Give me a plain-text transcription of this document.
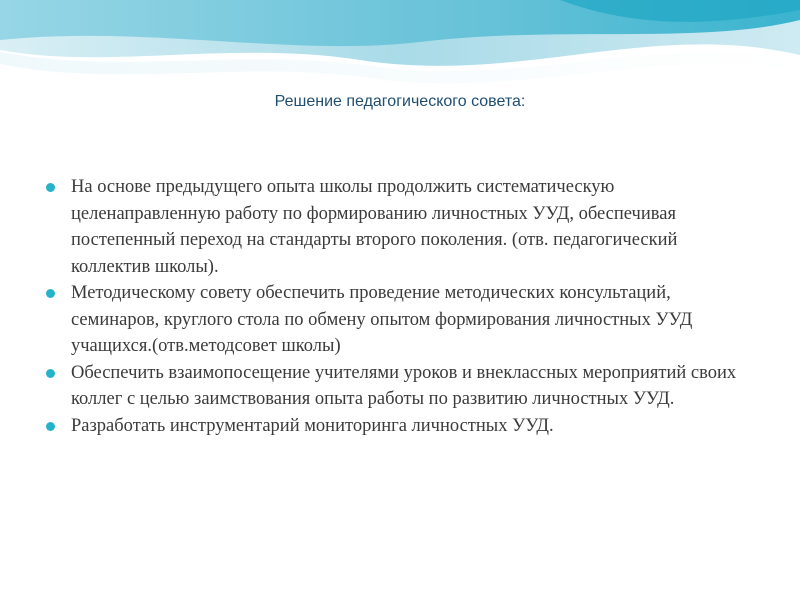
Решение педагогического совета:
На основе предыдущего опыта школы продолжить систематическую целенаправленную работу по формированию личностных УУД, обеспечивая постепенный переход на стандарты второго поколения. (отв. педагогический коллектив школы).
Методическому совету обеспечить проведение методических консультаций, семинаров, круглого стола по обмену опытом формирования личностных УУД учащихся.(отв.методсовет школы)
Обеспечить взаимопосещение учителями уроков и внеклассных мероприятий своих коллег с целью заимствования опыта работы по развитию личностных УУД.
Разработать инструментарий мониторинга личностных УУД.
